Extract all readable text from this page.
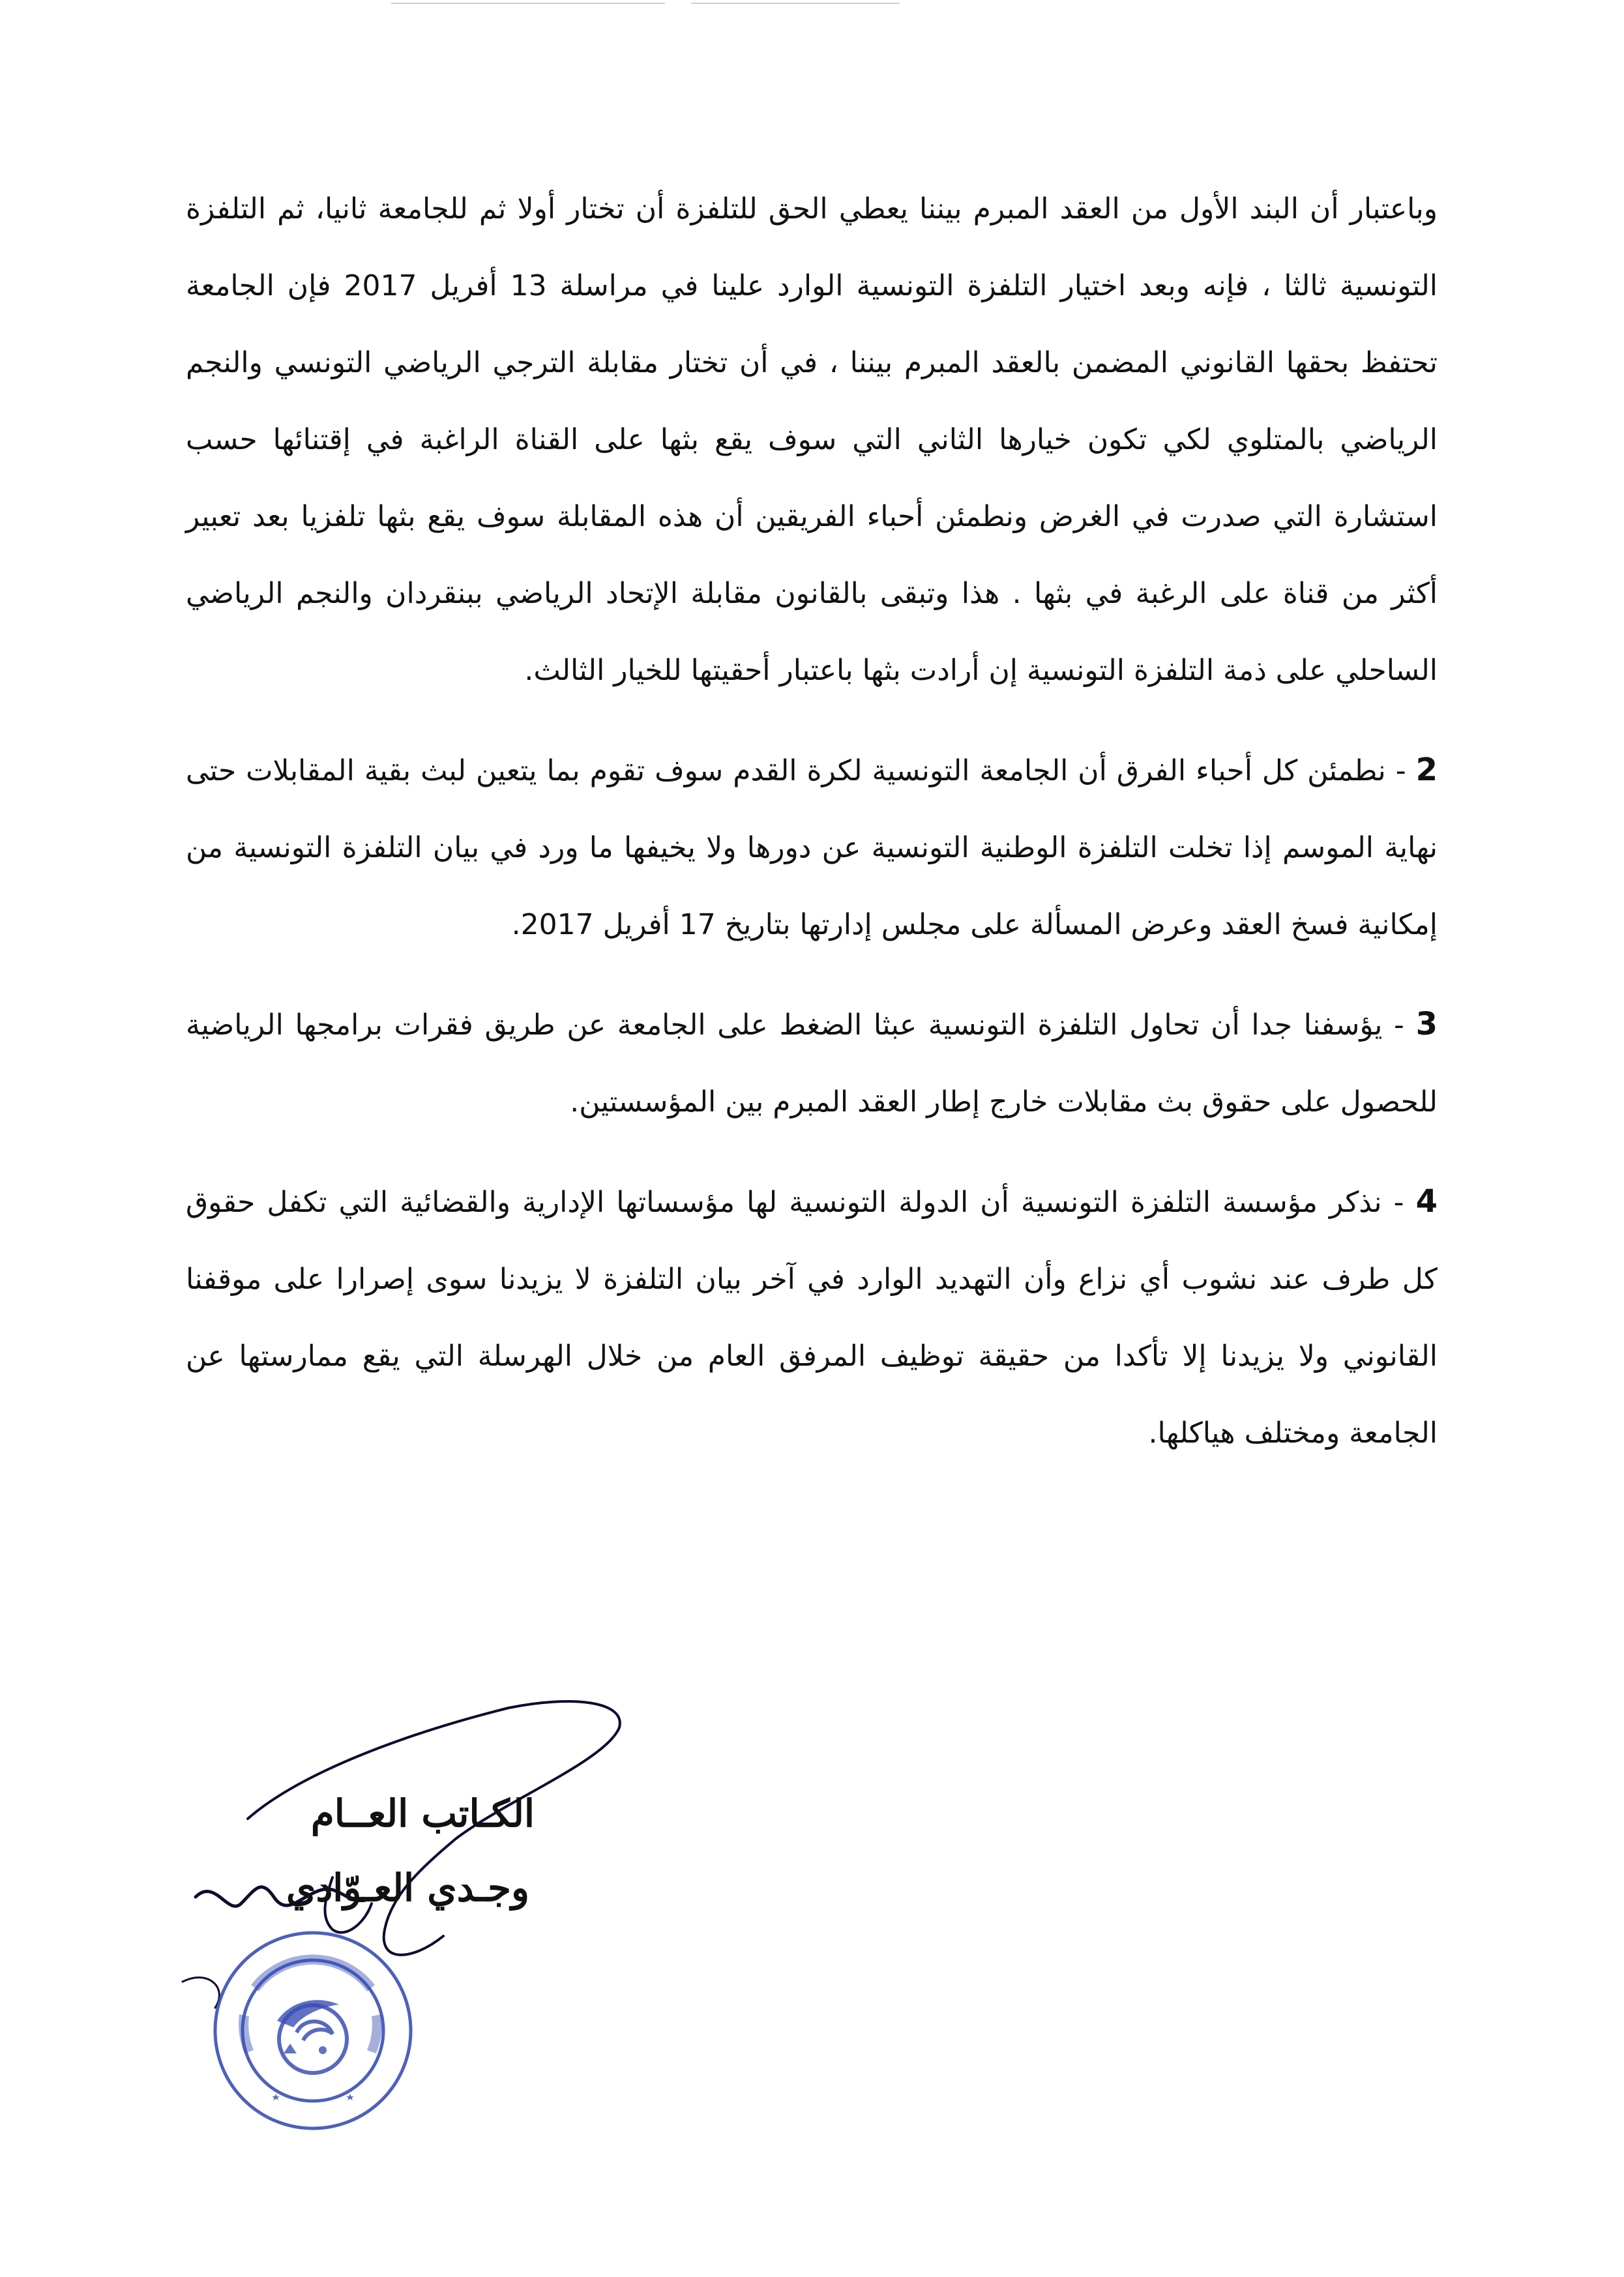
وباعتبار أن البند الأول من العقد المبرم بيننا يعطي الحق للتلفزة أن تختار أولا ثم للجامعة ثانيا، ثم التلفزة التونسية ثالثا ، فإنه وبعد اختيار التلفزة التونسية الوارد علينا في مراسلة 13 أفريل 2017 فإن الجامعة تحتفظ بحقها القانوني المضمن بالعقد المبرم بيننا ، في أن تختار مقابلة الترجي الرياضي التونسي والنجم الرياضي بالمتلوي لكي تكون خيارها الثاني التي سوف يقع بثها على القناة الراغبة في إقتنائها حسب استشارة التي صدرت في الغرض ونطمئن أحباء الفريقين أن هذه المقابلة سوف يقع بثها تلفزيا بعد تعبير أكثر من قناة على الرغبة في بثها . هذا وتبقى بالقانون مقابلة الإتحاد الرياضي ببنقردان والنجم الرياضي الساحلي على ذمة التلفزة التونسية إن أرادت بثها باعتبار أحقيتها للخيار الثالث.

2 - نطمئن كل أحباء الفرق أن الجامعة التونسية لكرة القدم سوف تقوم بما يتعين لبث بقية المقابلات حتى نهاية الموسم إذا تخلت التلفزة الوطنية التونسية عن دورها ولا يخيفها ما ورد في بيان التلفزة التونسية من إمكانية فسخ العقد وعرض المسألة على مجلس إدارتها بتاريخ 17 أفريل 2017.

3 - يؤسفنا جدا أن تحاول التلفزة التونسية عبثا الضغط على الجامعة عن طريق فقرات برامجها الرياضية للحصول على حقوق بث مقابلات خارج إطار العقد المبرم بين المؤسستين.

4 - نذكر مؤسسة التلفزة التونسية أن الدولة التونسية لها مؤسساتها الإدارية والقضائية التي تكفل حقوق كل طرف عند نشوب أي نزاع وأن التهديد الوارد في آخر بيان التلفزة لا يزيدنا سوى إصرارا على موقفنا القانوني ولا يزيدنا إلا تأكدا من حقيقة توظيف المرفق العام من خلال الهرسلة التي يقع ممارستها عن الجامعة ومختلف هياكلها.

الكـاتب العــام
وجـدي العـوّادي
